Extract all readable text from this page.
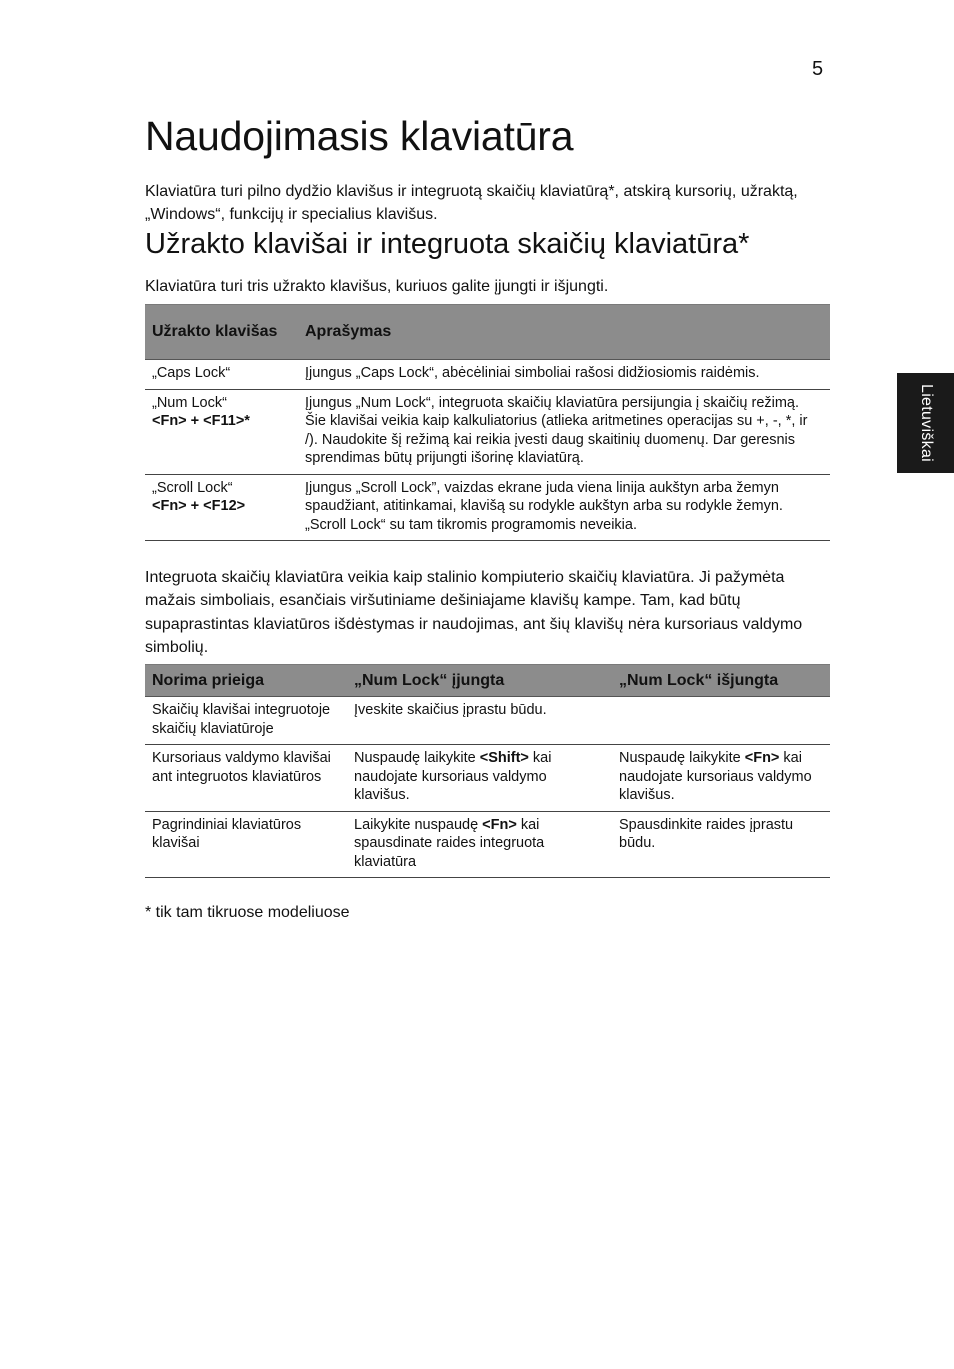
5
Lietuviškai
Naudojimasis klaviatūra

Klaviatūra turi pilno dydžio klavišus ir integruotą skaičių klaviatūrą*, atskirą kursorių, užraktą, „Windows“, funkcijų ir specialius klavišus.

Užrakto klavišai ir integruota skaičių klaviatūra*

Klaviatūra turi tris užrakto klavišus, kuriuos galite įjungti ir išjungti.

Užrakto klavišas	Aprašymas
„Caps Lock“	Įjungus „Caps Lock“, abėcėliniai simboliai rašosi didžiosiomis raidėmis.
„Num Lock“
<Fn> + <F11>*	Įjungus „Num Lock“, integruota skaičių klaviatūra persijungia į skaičių režimą. Šie klavišai veikia kaip kalkuliatorius (atlieka aritmetines operacijas su +, -, *, ir /). Naudokite šį režimą kai reikia įvesti daug skaitinių duomenų. Dar geresnis sprendimas būtų prijungti išorinę klaviatūrą.
„Scroll Lock“
<Fn> + <F12>	Įjungus „Scroll Lock”, vaizdas ekrane juda viena linija aukštyn arba žemyn spaudžiant, atitinkamai, klavišą su rodykle aukštyn arba su rodykle žemyn. „Scroll Lock“ su tam tikromis programomis neveikia.

Integruota skaičių klaviatūra veikia kaip stalinio kompiuterio skaičių klaviatūra. Ji pažymėta mažais simboliais, esančiais viršutiniame dešiniajame klavišų kampe. Tam, kad būtų supaprastintas klaviatūros išdėstymas ir naudojimas, ant šių klavišų nėra kursoriaus valdymo simbolių.

Norima prieiga	„Num Lock“ įjungta	„Num Lock“ išjungta
Skaičių klavišai integruotoje skaičių klaviatūroje	Įveskite skaičius įprastu būdu.	
Kursoriaus valdymo klavišai ant integruotos klaviatūros	Nuspaudę laikykite <Shift> kai naudojate kursoriaus valdymo klavišus.	Nuspaudę laikykite <Fn> kai naudojate kursoriaus valdymo klavišus.
Pagrindiniai klaviatūros klavišai	Laikykite nuspaudę <Fn> kai spausdinate raides integruota klaviatūra	Spausdinkite raides įprastu būdu.

* tik tam tikruose modeliuose
